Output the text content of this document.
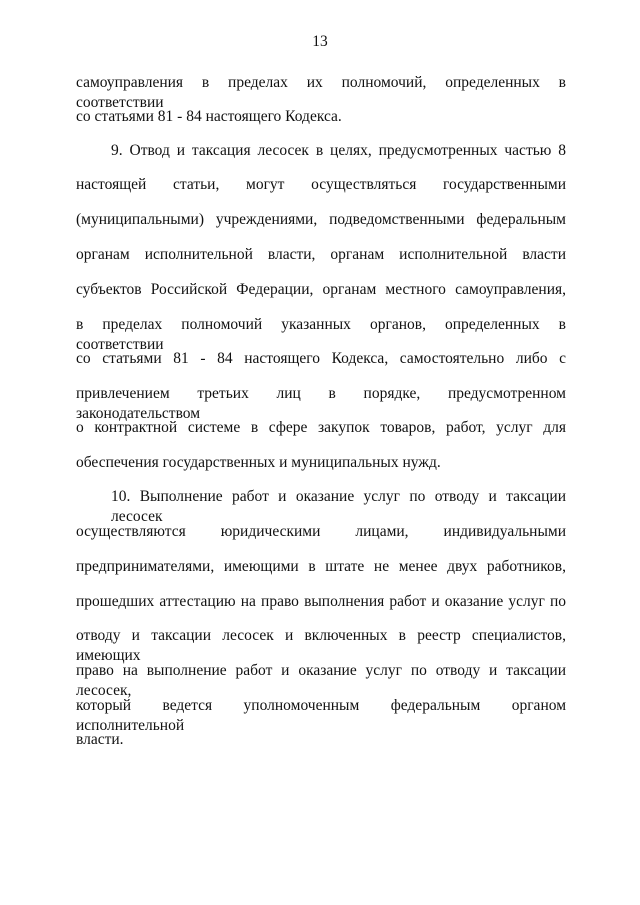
13
самоуправления в пределах их полномочий, определенных в соответствии
со статьями 81 - 84 настоящего Кодекса.
9. Отвод и таксация лесосек в целях, предусмотренных частью 8
настоящей статьи, могут осуществляться государственными
(муниципальными) учреждениями, подведомственными федеральным
органам исполнительной власти, органам исполнительной власти
субъектов Российской Федерации, органам местного самоуправления,
в пределах полномочий указанных органов, определенных в соответствии
со статьями 81 - 84 настоящего Кодекса, самостоятельно либо с
привлечением третьих лиц в порядке, предусмотренном законодательством
о контрактной системе в сфере закупок товаров, работ, услуг для
обеспечения государственных и муниципальных нужд.
10. Выполнение работ и оказание услуг по отводу и таксации лесосек
осуществляются юридическими лицами, индивидуальными
предпринимателями, имеющими в штате не менее двух работников,
прошедших аттестацию на право выполнения работ и оказание услуг по
отводу и таксации лесосек и включенных в реестр специалистов, имеющих
право на выполнение работ и оказание услуг по отводу и таксации лесосек,
который ведется уполномоченным федеральным органом исполнительной
власти.
